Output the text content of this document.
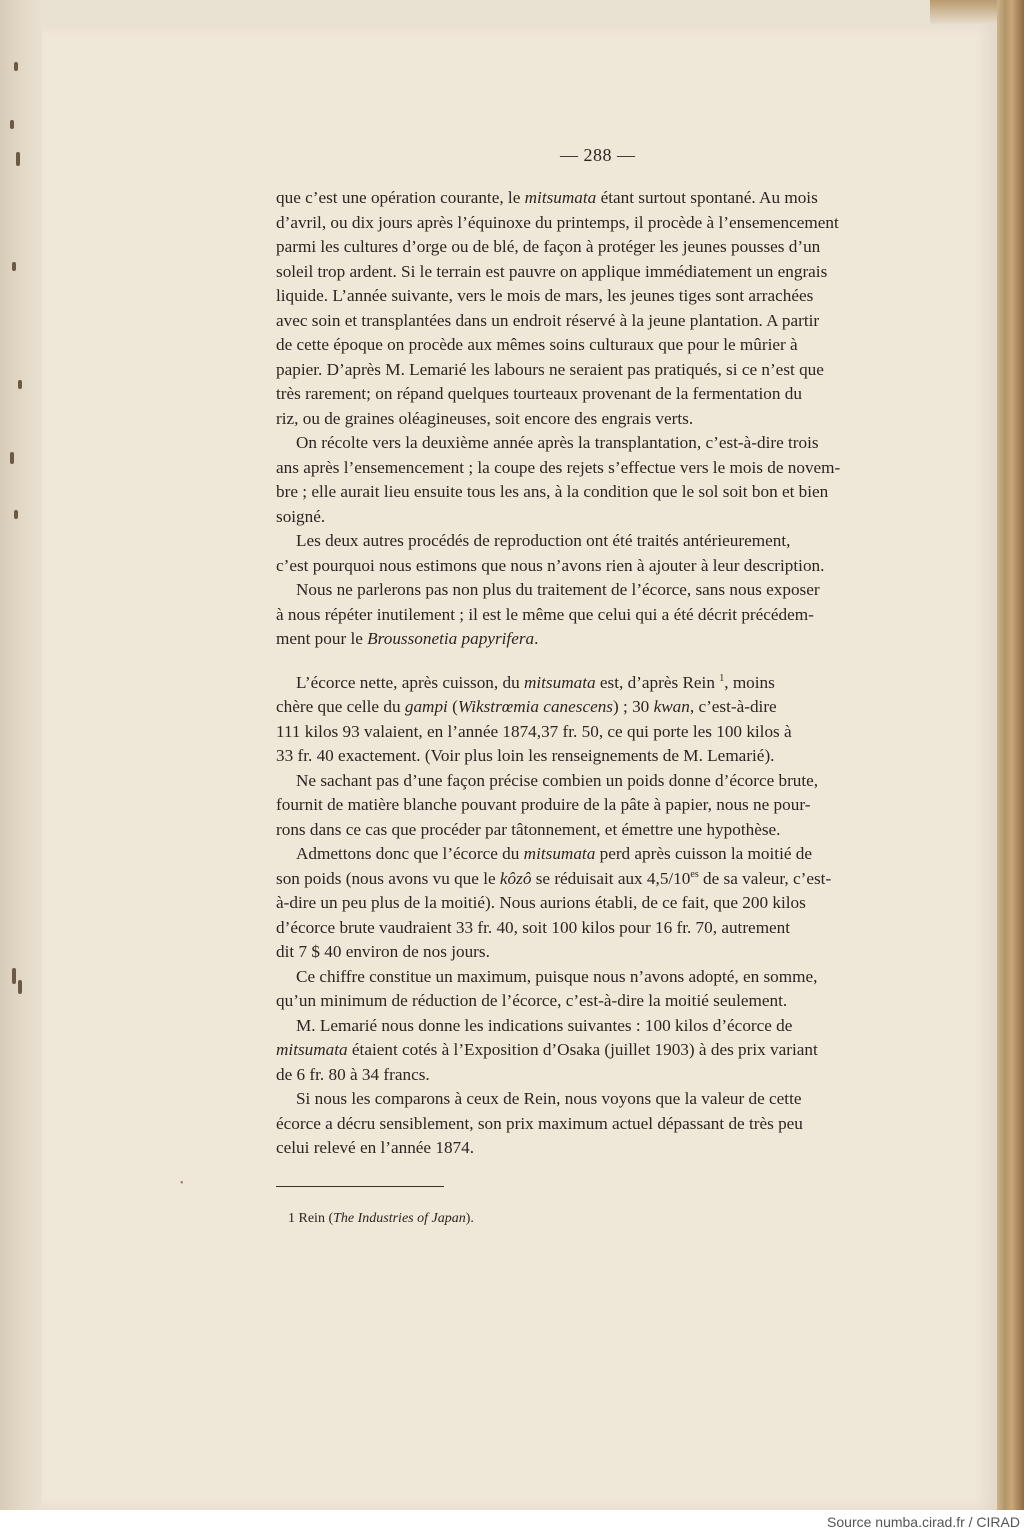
•
— 288 —

que c’est une opération courante, le mitsumata étant surtout spontané. Au mois
d’avril, ou dix jours après l’équinoxe du printemps, il procède à l’ensemencement
parmi les cultures d’orge ou de blé, de façon à protéger les jeunes pousses d’un
soleil trop ardent. Si le terrain est pauvre on applique immédiatement un engrais
liquide. L’année suivante, vers le mois de mars, les jeunes tiges sont arrachées
avec soin et transplantées dans un endroit réservé à la jeune plantation. A partir
de cette époque on procède aux mêmes soins culturaux que pour le mûrier à
papier. D’après M. Lemarié les labours ne seraient pas pratiqués, si ce n’est que
très rarement; on répand quelques tourteaux provenant de la fermentation du
riz, ou de graines oléagineuses, soit encore des engrais verts.

On récolte vers la deuxième année après la transplantation, c’est-à-dire trois
ans après l’ensemencement ; la coupe des rejets s’effectue vers le mois de novem-
bre ; elle aurait lieu ensuite tous les ans, à la condition que le sol soit bon et bien
soigné.

Les deux autres procédés de reproduction ont été traités antérieurement,
c’est pourquoi nous estimons que nous n’avons rien à ajouter à leur description.

Nous ne parlerons pas non plus du traitement de l’écorce, sans nous exposer
à nous répéter inutilement ; il est le même que celui qui a été décrit précédem-
ment pour le Broussonetia papyrifera.

L’écorce nette, après cuisson, du mitsumata est, d’après Rein $^1$, moins
chère que celle du gampi (Wikstrœmia canescens) ; 30 kwan, c’est-à-dire
111 kilos 93 valaient, en l’année 1874,37 fr. 50, ce qui porte les 100 kilos à
33 fr. 40 exactement. (Voir plus loin les renseignements de M. Lemarié).

Ne sachant pas d’une façon précise combien un poids donne d’écorce brute,
fournit de matière blanche pouvant produire de la pâte à papier, nous ne pour-
rons dans ce cas que procéder par tâtonnement, et émettre une hypothèse.

Admettons donc que l’écorce du mitsumata perd après cuisson la moitié de
son poids (nous avons vu que le kôzô se réduisait aux $4,5/10^{es}$ de sa valeur, c’est-
à-dire un peu plus de la moitié). Nous aurions établi, de ce fait, que 200 kilos
d’écorce brute vaudraient 33 fr. 40, soit 100 kilos pour 16 fr. 70, autrement
dit 7 $ 40 environ de nos jours.

Ce chiffre constitue un maximum, puisque nous n’avons adopté, en somme,
qu’un minimum de réduction de l’écorce, c’est-à-dire la moitié seulement.

M. Lemarié nous donne les indications suivantes : 100 kilos d’écorce de
mitsumata étaient cotés à l’Exposition d’Osaka (juillet 1903) à des prix variant
de 6 fr. 80 à 34 francs.

Si nous les comparons à ceux de Rein, nous voyons que la valeur de cette
écorce a décru sensiblement, son prix maximum actuel dépassant de très peu
celui relevé en l’année 1874.

1 Rein (The Industries of Japan).
Source numba.cirad.fr / CIRAD
